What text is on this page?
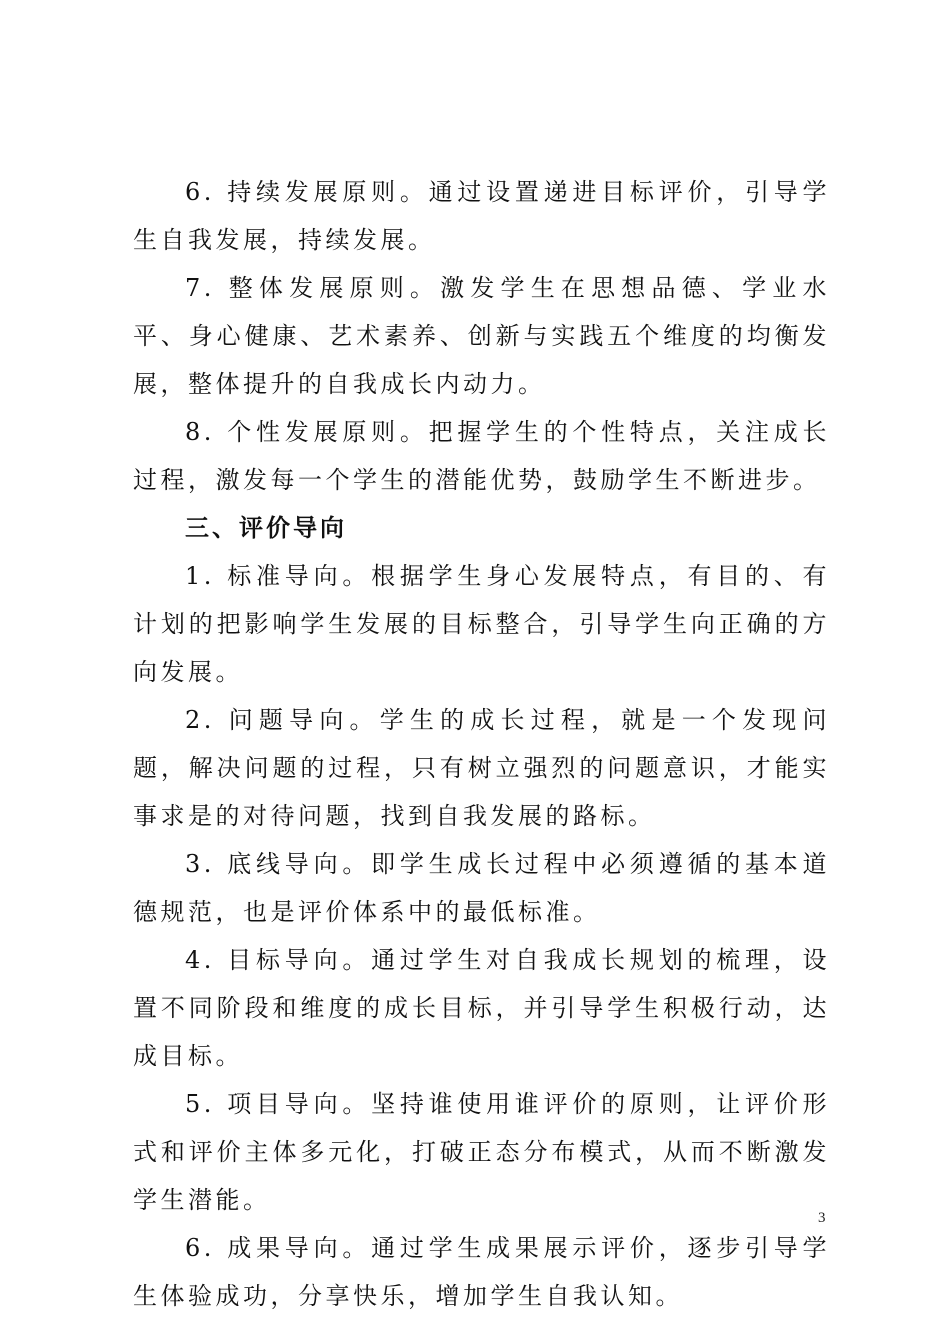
6. 持续发展原则。通过设置递进目标评价，引导学生自我发展，持续发展。

7. 整体发展原则。激发学生在思想品德、学业水平、身心健康、艺术素养、创新与实践五个维度的均衡发展，整体提升的自我成长内动力。

8. 个性发展原则。把握学生的个性特点，关注成长过程，激发每一个学生的潜能优势，鼓励学生不断进步。

三、评价导向

1. 标准导向。根据学生身心发展特点，有目的、有计划的把影响学生发展的目标整合，引导学生向正确的方向发展。

2. 问题导向。学生的成长过程，就是一个发现问题，解决问题的过程，只有树立强烈的问题意识，才能实事求是的对待问题，找到自我发展的路标。

3. 底线导向。即学生成长过程中必须遵循的基本道德规范，也是评价体系中的最低标准。

4. 目标导向。通过学生对自我成长规划的梳理，设置不同阶段和维度的成长目标，并引导学生积极行动，达成目标。

5. 项目导向。坚持谁使用谁评价的原则，让评价形式和评价主体多元化，打破正态分布模式，从而不断激发学生潜能。

6. 成果导向。通过学生成果展示评价，逐步引导学生体验成功，分享快乐，增加学生自我认知。

3
